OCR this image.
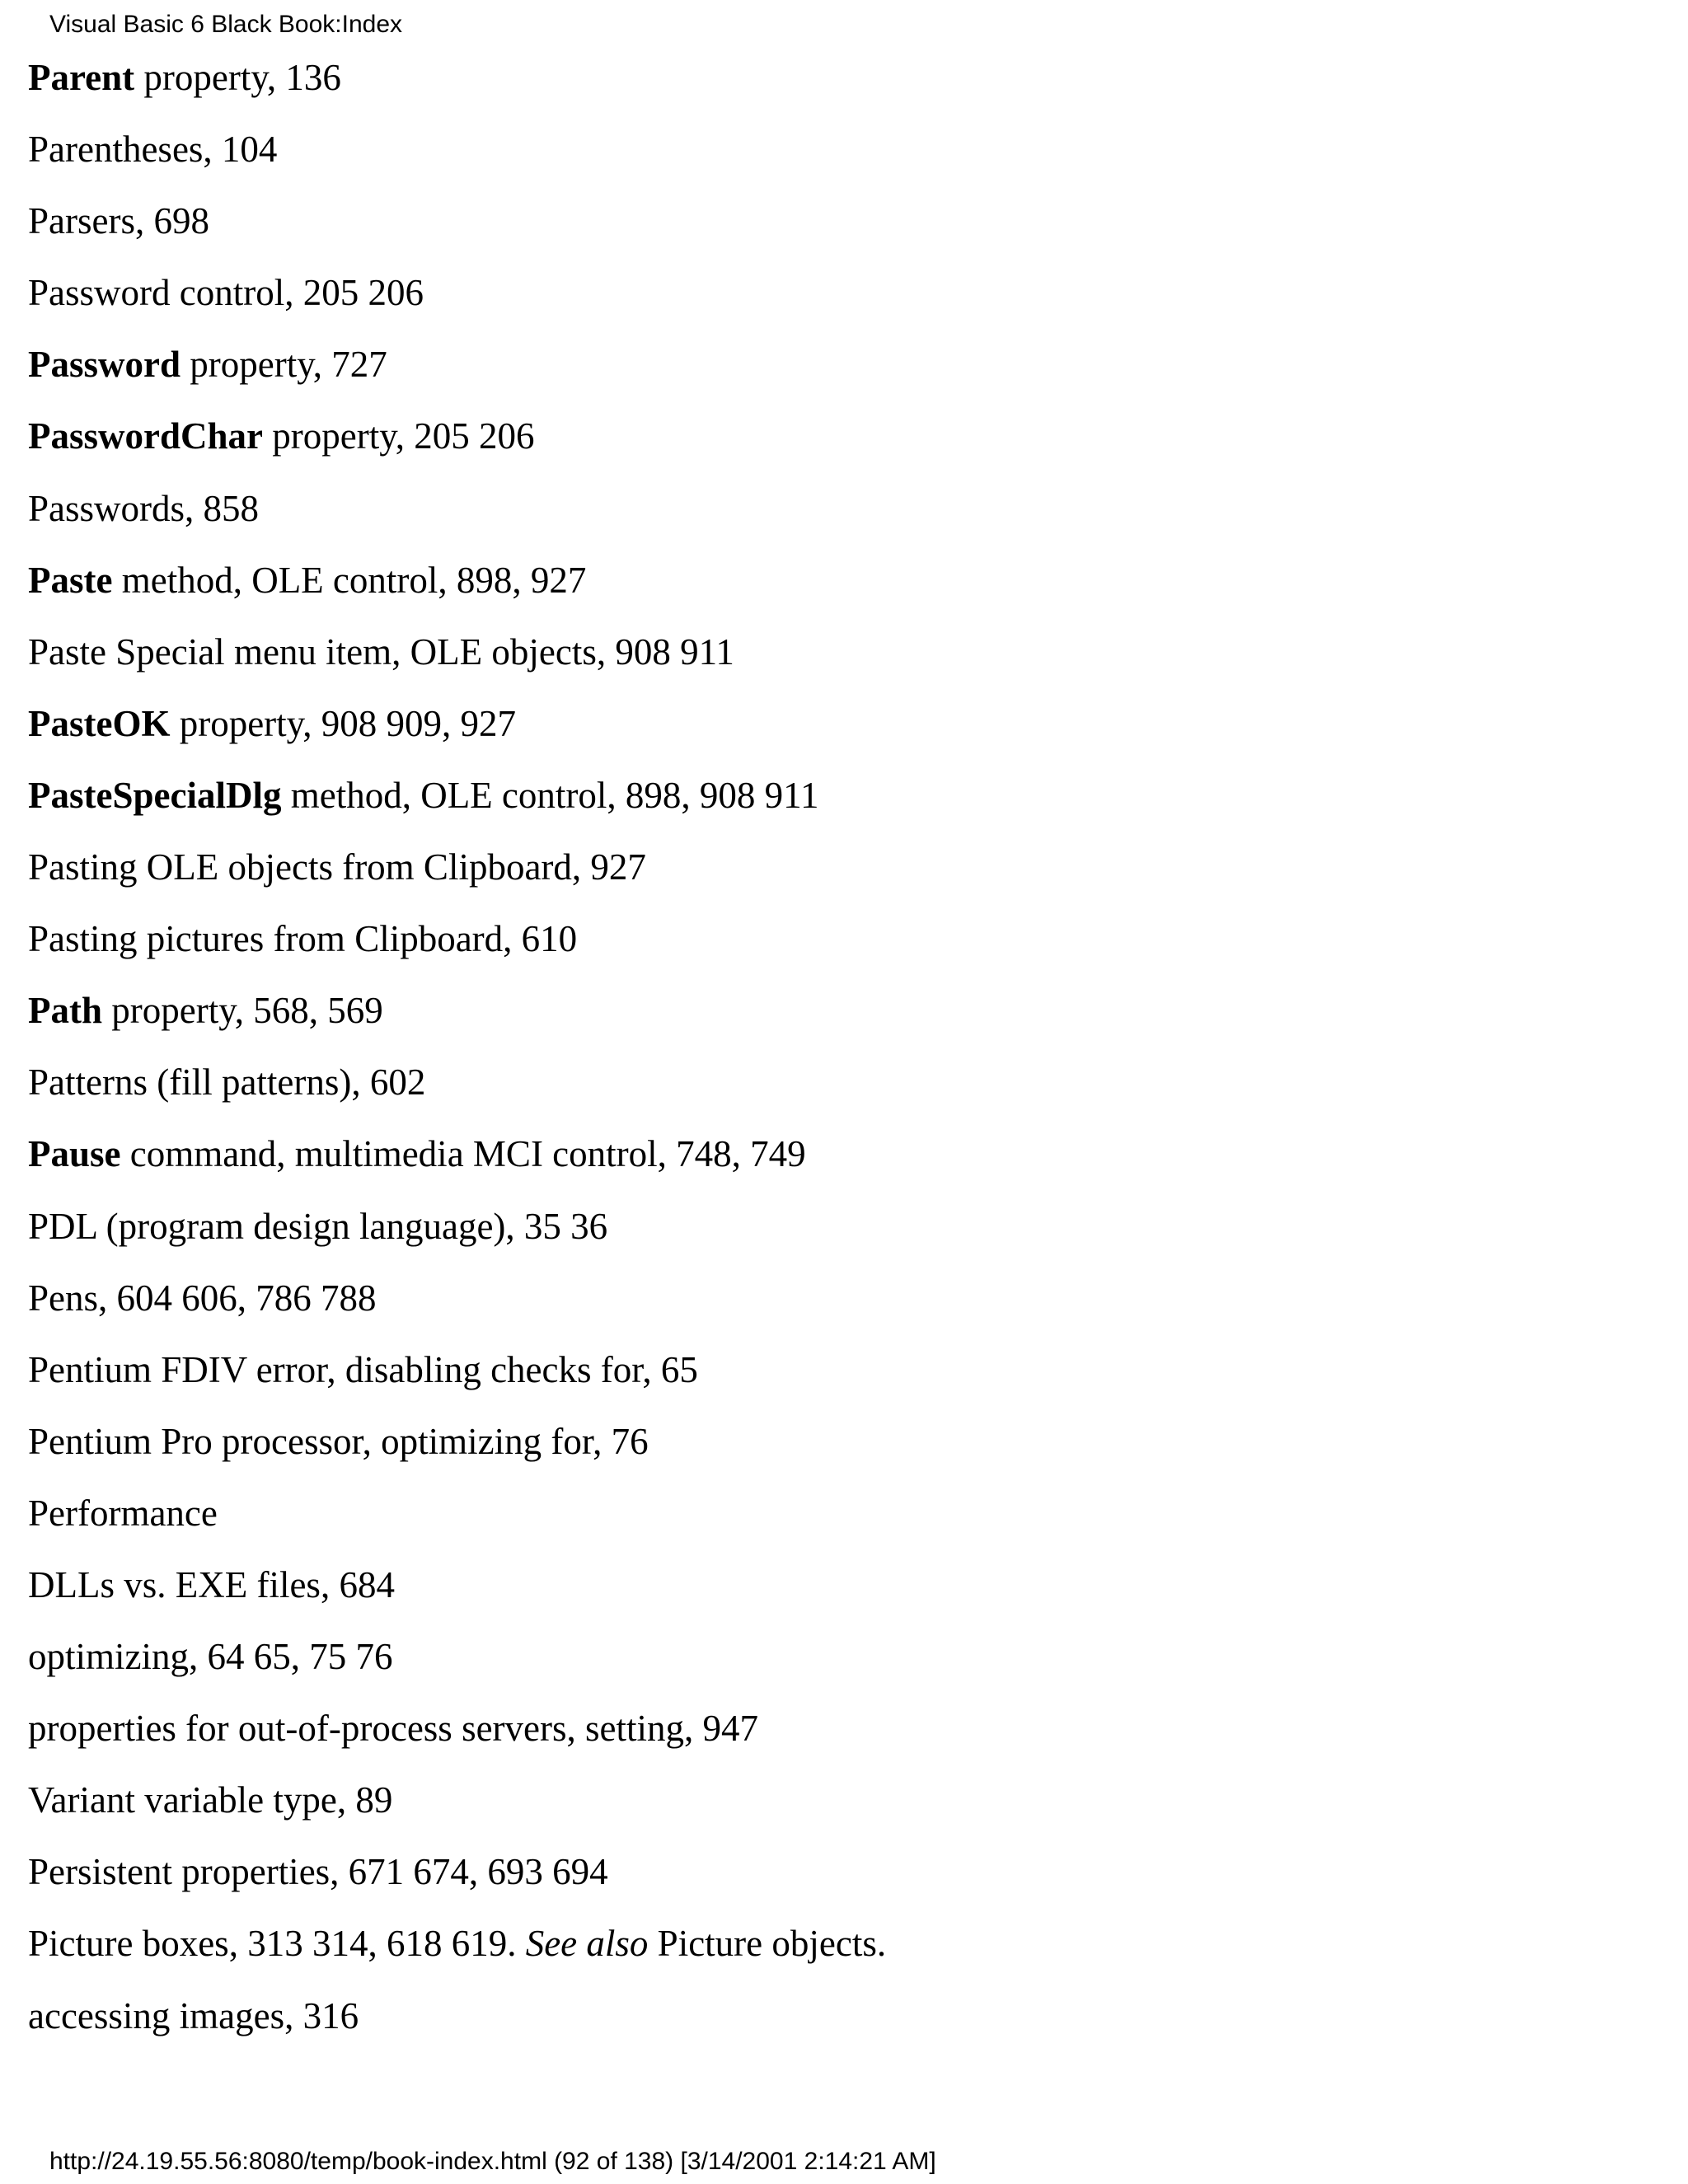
Visual Basic 6 Black Book:Index
Parent property, 136
Parentheses, 104
Parsers, 698
Password control, 205 206
Password property, 727
PasswordChar property, 205 206
Passwords, 858
Paste method, OLE control, 898, 927
Paste Special menu item, OLE objects, 908 911
PasteOK property, 908 909, 927
PasteSpecialDlg method, OLE control, 898, 908 911
Pasting OLE objects from Clipboard, 927
Pasting pictures from Clipboard, 610
Path property, 568, 569
Patterns (fill patterns), 602
Pause command, multimedia MCI control, 748, 749
PDL (program design language), 35 36
Pens, 604 606, 786 788
Pentium FDIV error, disabling checks for, 65
Pentium Pro processor, optimizing for, 76
Performance
DLLs vs. EXE files, 684
optimizing, 64 65, 75 76
properties for out-of-process servers, setting, 947
Variant variable type, 89
Persistent properties, 671 674, 693 694
Picture boxes, 313 314, 618 619. See also Picture objects.
accessing images, 316
http://24.19.55.56:8080/temp/book-index.html (92 of 138) [3/14/2001 2:14:21 AM]
